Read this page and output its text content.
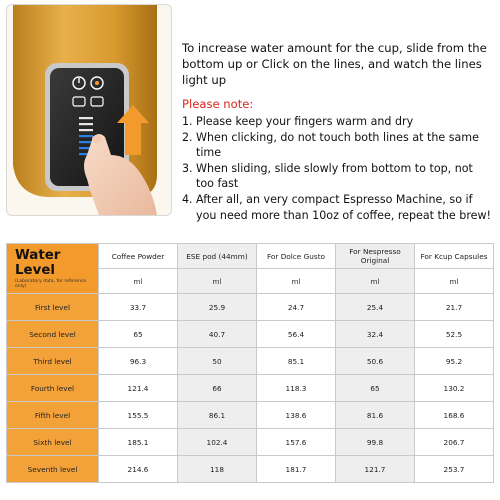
To increase water amount for the cup, slide from the bottom up or Click on the lines, and watch the lines light up

Please note:

1. Please keep your fingers warm and dry
2. When clicking, do not touch both lines at the same time
3. When sliding, slide slowly from bottom to top, not too fast
4. After all, an very compact Espresso Machine, so if you need more than 10oz of coffee, repeat the brew!
Water Level
(Laboratory data, for reference only)	Coffee Powder	ESE pod (44mm)	For Dolce Gusto	For Nespresso Original	For Kcup Capsules
	ml	ml	ml	ml	ml
First level	33.7	25.9	24.7	25.4	21.7
Second level	65	40.7	56.4	32.4	52.5
Third level	96.3	50	85.1	50.6	95.2
Fourth level	121.4	66	118.3	65	130.2
Fifth level	155.5	86.1	138.6	81.6	168.6
Sixth level	185.1	102.4	157.6	99.8	206.7
Seventh level	214.6	118	181.7	121.7	253.7
